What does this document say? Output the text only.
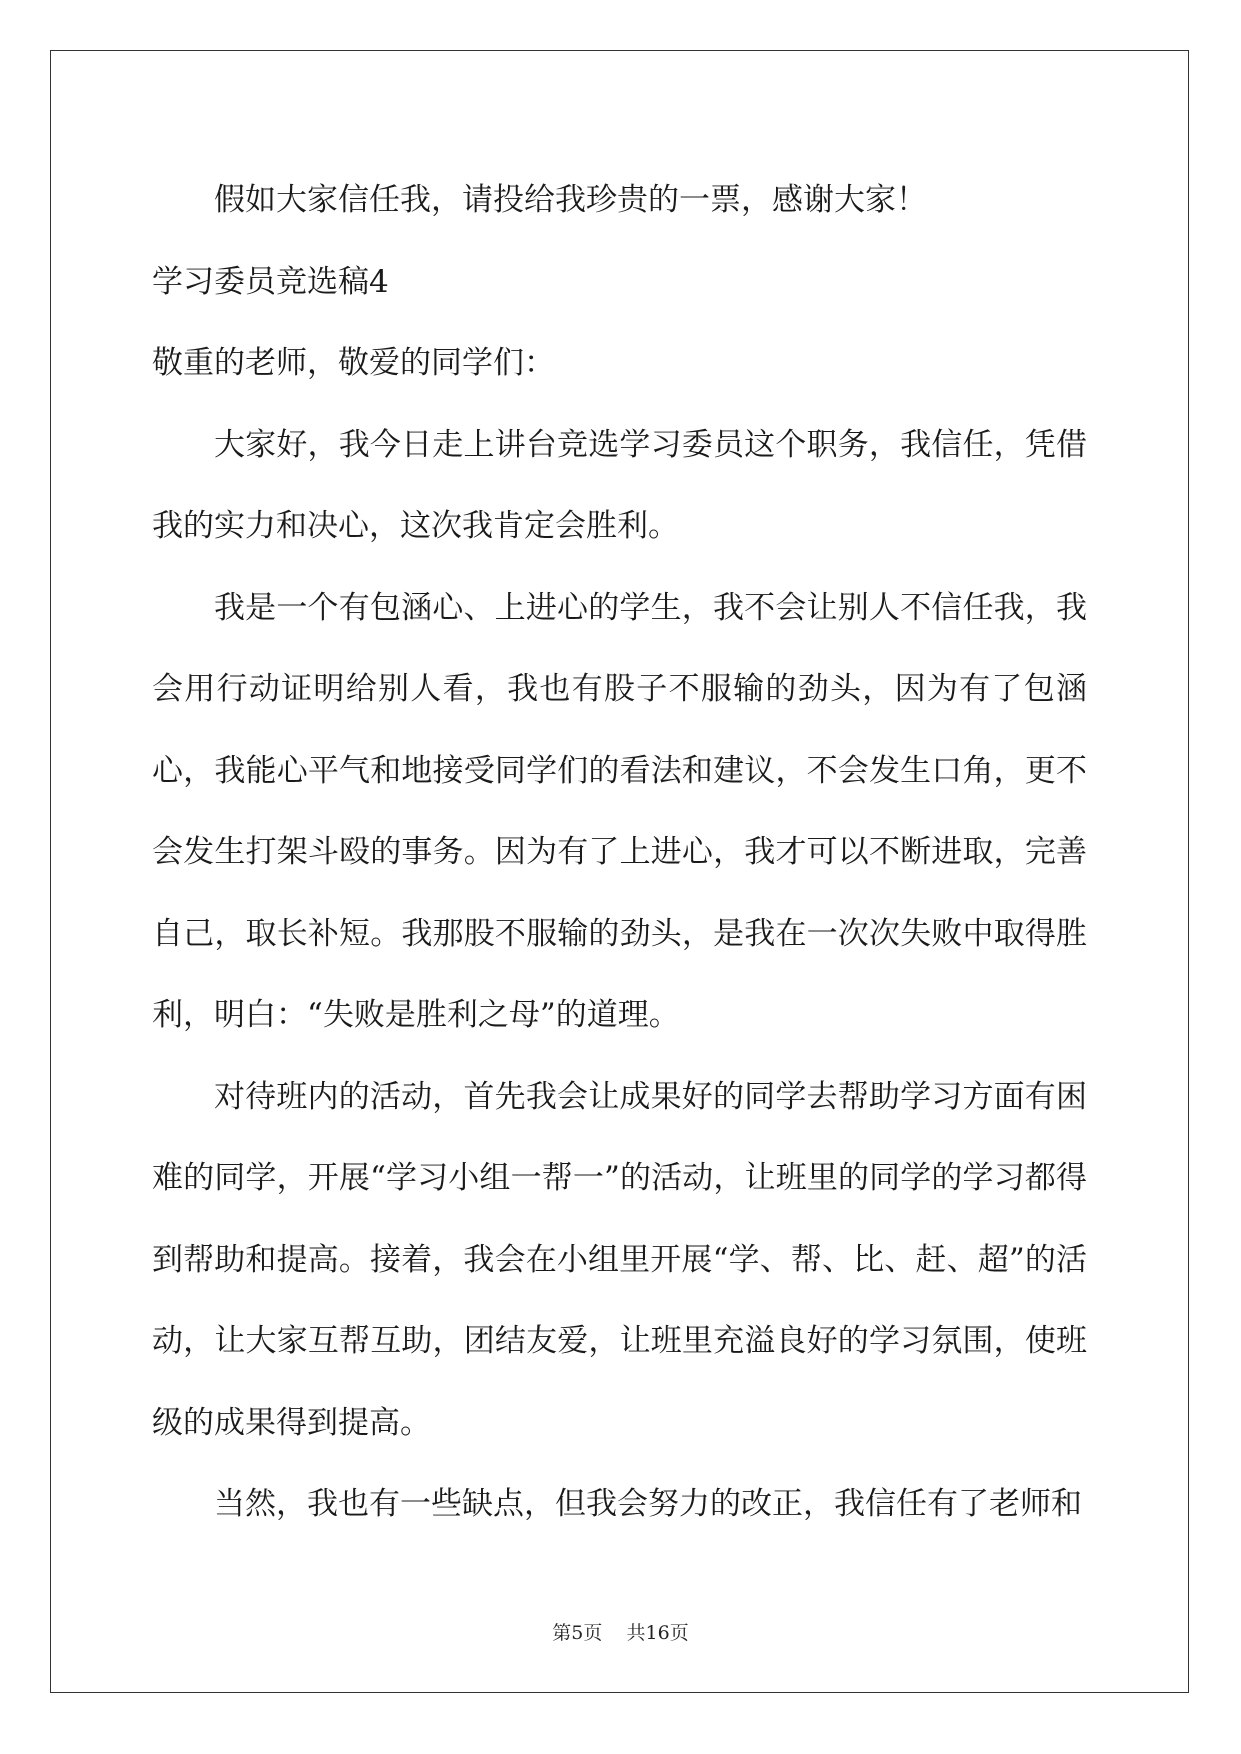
假如大家信任我，请投给我珍贵的一票，感谢大家！

学习委员竞选稿4

敬重的老师，敬爱的同学们：

大家好，我今日走上讲台竞选学习委员这个职务，我信任，凭借我的实力和决心，这次我肯定会胜利。

我是一个有包涵心、上进心的学生，我不会让别人不信任我，我会用行动证明给别人看，我也有股子不服输的劲头，因为有了包涵心，我能心平气和地接受同学们的看法和建议，不会发生口角，更不会发生打架斗殴的事务。因为有了上进心，我才可以不断进取，完善自己，取长补短。我那股不服输的劲头，是我在一次次失败中取得胜利，明白：“失败是胜利之母”的道理。

对待班内的活动，首先我会让成果好的同学去帮助学习方面有困难的同学，开展“学习小组一帮一”的活动，让班里的同学的学习都得到帮助和提高。接着，我会在小组里开展“学、帮、比、赶、超”的活动，让大家互帮互助，团结友爱，让班里充溢良好的学习氛围，使班级的成果得到提高。

当然，我也有一些缺点，但我会努力的改正，我信任有了老师和

第5页    共16页
